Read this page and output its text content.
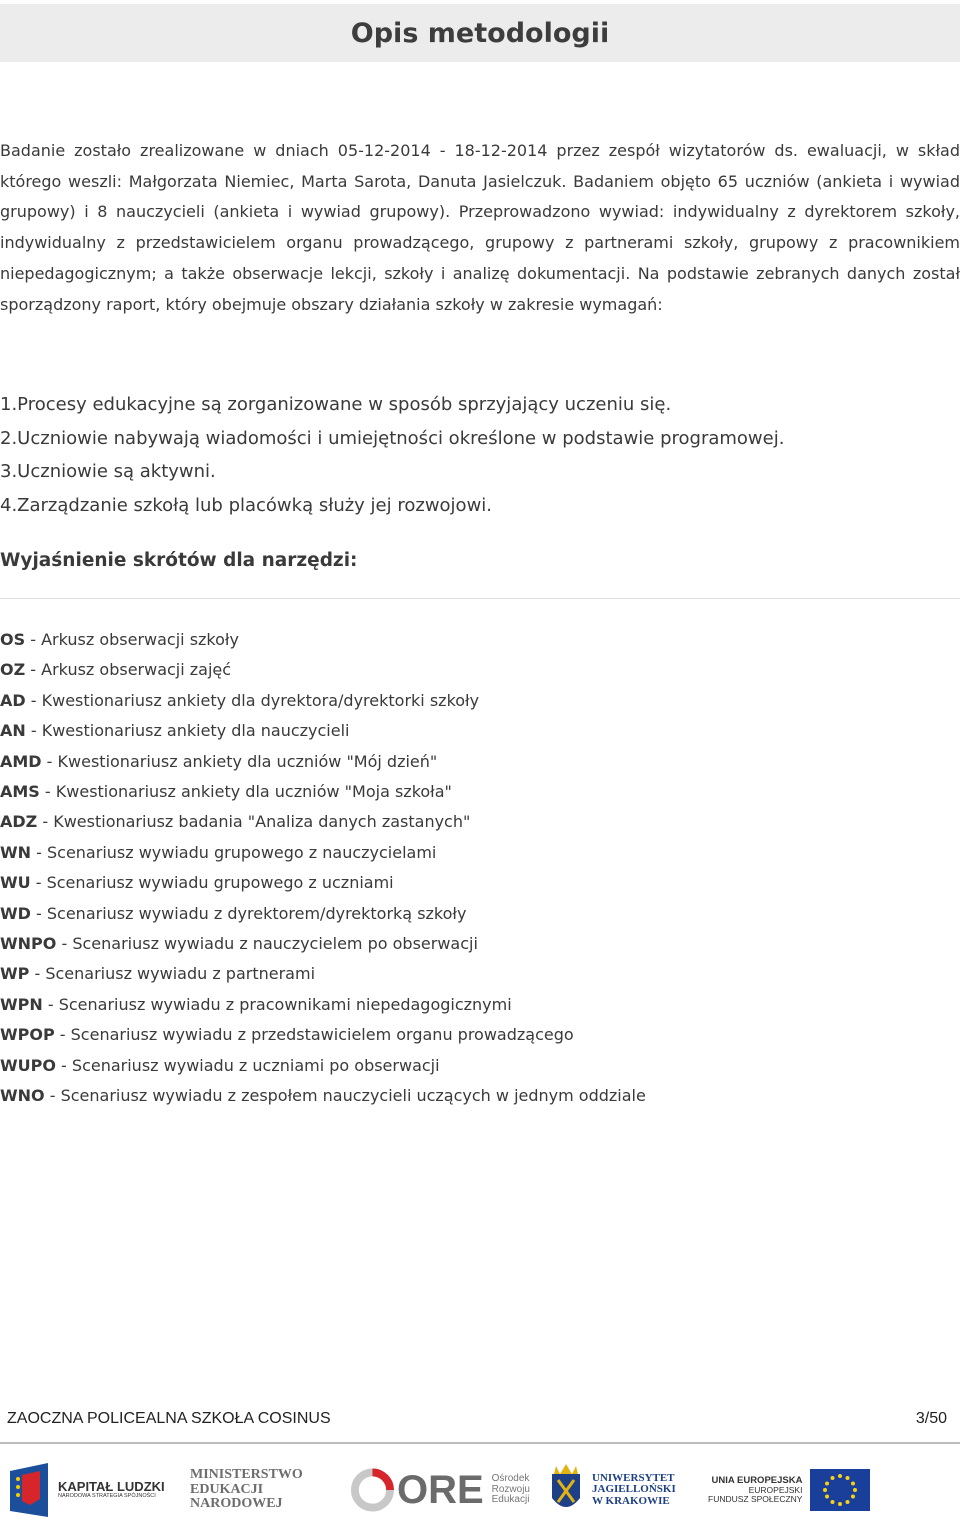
Opis metodologii

Badanie zostało zrealizowane w dniach 05-12-2014 - 18-12-2014 przez zespół wizytatorów ds. ewaluacji, w skład którego weszli: Małgorzata Niemiec, Marta Sarota, Danuta Jasielczuk. Badaniem objęto 65 uczniów (ankieta i wywiad grupowy) i 8 nauczycieli (ankieta i wywiad grupowy). Przeprowadzono wywiad: indywidualny z dyrektorem szkoły, indywidualny z przedstawicielem organu prowadzącego, grupowy z partnerami szkoły, grupowy z pracownikiem niepedagogicznym; a także obserwacje lekcji, szkoły i analizę dokumentacji. Na podstawie zebranych danych został sporządzony raport, który obejmuje obszary działania szkoły w zakresie wymagań:

1.Procesy edukacyjne są zorganizowane w sposób sprzyjający uczeniu się.
2.Uczniowie nabywają wiadomości i umiejętności określone w podstawie programowej.
3.Uczniowie są aktywni.
4.Zarządzanie szkołą lub placówką służy jej rozwojowi.
Wyjaśnienie skrótów dla narzędzi:
OS - Arkusz obserwacji szkoły
OZ - Arkusz obserwacji zajęć
AD - Kwestionariusz ankiety dla dyrektora/dyrektorki szkoły
AN - Kwestionariusz ankiety dla nauczycieli
AMD - Kwestionariusz ankiety dla uczniów "Mój dzień"
AMS - Kwestionariusz ankiety dla uczniów "Moja szkoła"
ADZ - Kwestionariusz badania "Analiza danych zastanych"
WN - Scenariusz wywiadu grupowego z nauczycielami
WU - Scenariusz wywiadu grupowego z uczniami
WD - Scenariusz wywiadu z dyrektorem/dyrektorką szkoły
WNPO - Scenariusz wywiadu z nauczycielem po obserwacji
WP - Scenariusz wywiadu z partnerami
WPN - Scenariusz wywiadu z pracownikami niepedagogicznymi
WPOP - Scenariusz wywiadu z przedstawicielem organu prowadzącego
WUPO - Scenariusz wywiadu z uczniami po obserwacji
WNO - Scenariusz wywiadu z zespołem nauczycieli uczących w jednym oddziale
ZAOCZNA POLICEALNA SZKOŁA COSINUS	3/50
KAPITAŁ LUDZKI
NARODOWA STRATEGIA SPÓJNOŚCI
MINISTERSTWO
EDUKACJI
NARODOWEJ	ORE Ośrodek
Rozwoju
Edukacji
UNIWERSYTET
JAGIELLOŃSKI
W KRAKOWIE
UNIA EUROPEJSKA
EUROPEJSKI
FUNDUSZ SPOŁECZNY
